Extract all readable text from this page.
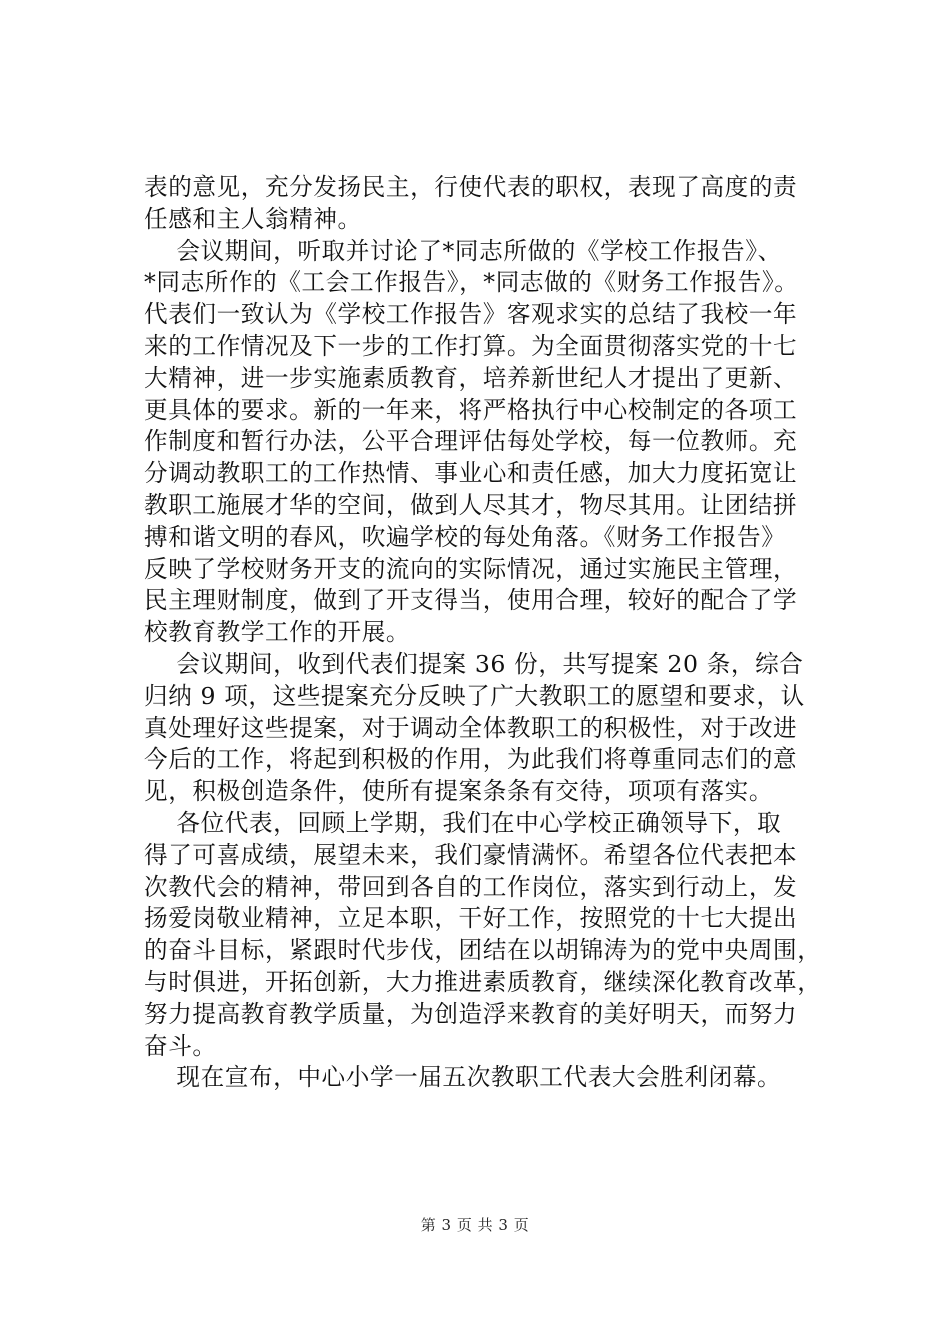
表的意见，充分发扬民主，行使代表的职权，表现了高度的责
任感和主人翁精神。
会议期间，听取并讨论了*同志所做的《学校工作报告》、
*同志所作的《工会工作报告》，*同志做的《财务工作报告》。
代表们一致认为《学校工作报告》客观求实的总结了我校一年
来的工作情况及下一步的工作打算。为全面贯彻落实党的十七
大精神，进一步实施素质教育，培养新世纪人才提出了更新、
更具体的要求。新的一年来，将严格执行中心校制定的各项工
作制度和暂行办法，公平合理评估每处学校，每一位教师。充
分调动教职工的工作热情、事业心和责任感，加大力度拓宽让
教职工施展才华的空间，做到人尽其才，物尽其用。让团结拼
搏和谐文明的春风，吹遍学校的每处角落。《财务工作报告》
反映了学校财务开支的流向的实际情况，通过实施民主管理，
民主理财制度，做到了开支得当，使用合理，较好的配合了学
校教育教学工作的开展。
会议期间，收到代表们提案 36 份，共写提案 20 条，综合
归纳 9 项，这些提案充分反映了广大教职工的愿望和要求，认
真处理好这些提案，对于调动全体教职工的积极性，对于改进
今后的工作，将起到积极的作用，为此我们将尊重同志们的意
见，积极创造条件，使所有提案条条有交待，项项有落实。
各位代表，回顾上学期，我们在中心学校正确领导下，取
得了可喜成绩，展望未来，我们豪情满怀。希望各位代表把本
次教代会的精神，带回到各自的工作岗位，落实到行动上，发
扬爱岗敬业精神，立足本职，干好工作，按照党的十七大提出
的奋斗目标，紧跟时代步伐，团结在以胡锦涛为的党中央周围，
与时俱进，开拓创新，大力推进素质教育，继续深化教育改革，
努力提高教育教学质量，为创造浮来教育的美好明天，而努力
奋斗。
现在宣布，中心小学一届五次教职工代表大会胜利闭幕。
第 3 页 共 3 页
